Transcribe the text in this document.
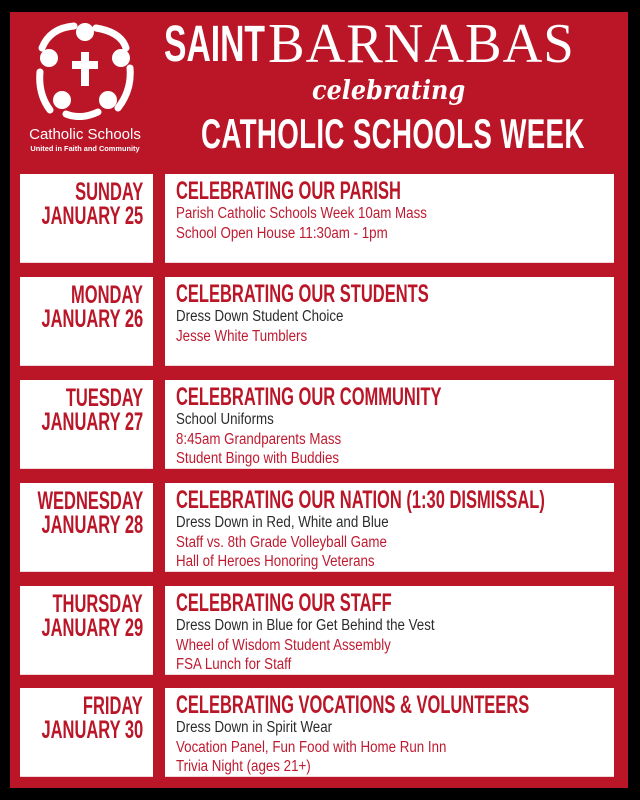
Catholic Schools
United in Faith and Community
SAINT BARNABAS
celebrating
CATHOLIC SCHOOLS WEEK
SUNDAY
JANUARY 25
CELEBRATING OUR PARISH
Parish Catholic Schools Week 10am Mass
School Open House 11:30am - 1pm
MONDAY
JANUARY 26
CELEBRATING OUR STUDENTS
Dress Down Student Choice
Jesse White Tumblers
TUESDAY
JANUARY 27
CELEBRATING OUR COMMUNITY
School Uniforms
8:45am Grandparents Mass
Student Bingo with Buddies
WEDNESDAY
JANUARY 28
CELEBRATING OUR NATION (1:30 DISMISSAL)
Dress Down in Red, White and Blue
Staff vs. 8th Grade Volleyball Game
Hall of Heroes Honoring Veterans
THURSDAY
JANUARY 29
CELEBRATING OUR STAFF
Dress Down in Blue for Get Behind the Vest
Wheel of Wisdom Student Assembly
FSA Lunch for Staff
FRIDAY
JANUARY 30
CELEBRATING VOCATIONS & VOLUNTEERS
Dress Down in Spirit Wear
Vocation Panel, Fun Food with Home Run Inn
Trivia Night (ages 21+)
